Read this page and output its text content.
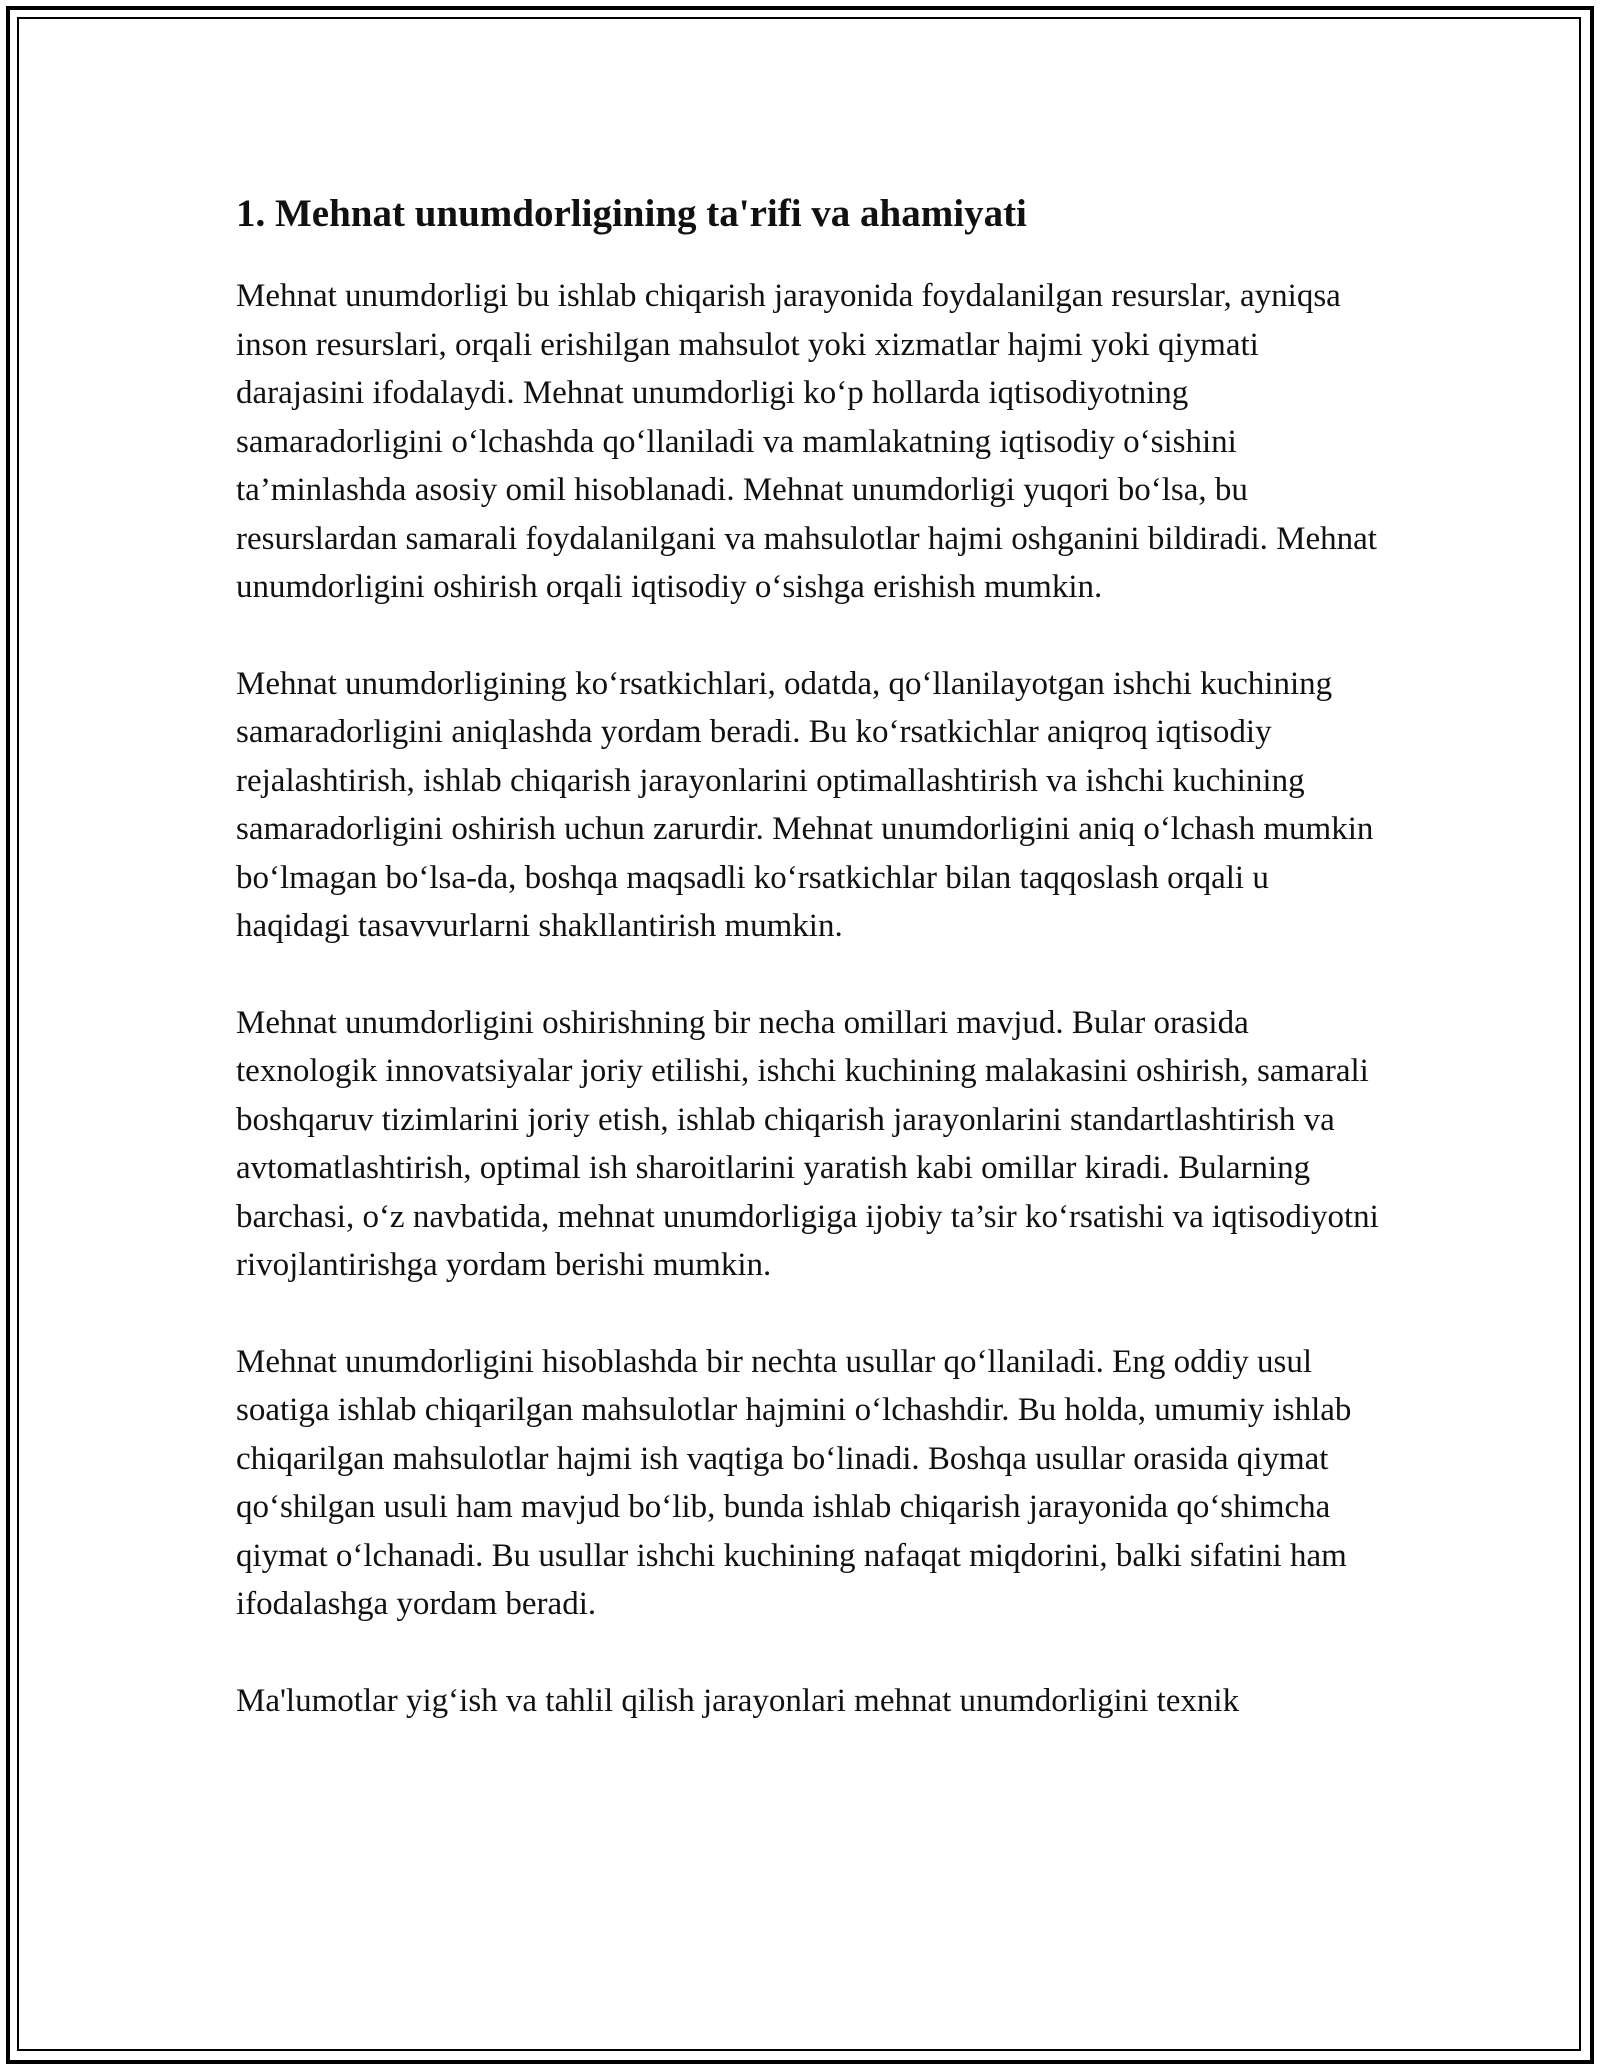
1. Mehnat unumdorligining ta'rifi va ahamiyati

Mehnat unumdorligi bu ishlab chiqarish jarayonida foydalanilgan resurslar, ayniqsa inson resurslari, orqali erishilgan mahsulot yoki xizmatlar hajmi yoki qiymati darajasini ifodalaydi. Mehnat unumdorligi koʻp hollarda iqtisodiyotning samaradorligini oʻlchashda qoʻllaniladi va mamlakatning iqtisodiy oʻsishini ta’minlashda asosiy omil hisoblanadi. Mehnat unumdorligi yuqori boʻlsa, bu resurslardan samarali foydalanilgani va mahsulotlar hajmi oshganini bildiradi. Mehnat unumdorligini oshirish orqali iqtisodiy oʻsishga erishish mumkin.

Mehnat unumdorligining koʻrsatkichlari, odatda, qoʻllanilayotgan ishchi kuchining samaradorligini aniqlashda yordam beradi. Bu koʻrsatkichlar aniqroq iqtisodiy rejalashtirish, ishlab chiqarish jarayonlarini optimallashtirish va ishchi kuchining samaradorligini oshirish uchun zarurdir. Mehnat unumdorligini aniq oʻlchash mumkin boʻlmagan boʻlsa-da, boshqa maqsadli koʻrsatkichlar bilan taqqoslash orqali u haqidagi tasavvurlarni shakllantirish mumkin.

Mehnat unumdorligini oshirishning bir necha omillari mavjud. Bular orasida texnologik innovatsiyalar joriy etilishi, ishchi kuchining malakasini oshirish, samarali boshqaruv tizimlarini joriy etish, ishlab chiqarish jarayonlarini standartlashtirish va avtomatlashtirish, optimal ish sharoitlarini yaratish kabi omillar kiradi. Bularning barchasi, oʻz navbatida, mehnat unumdorligiga ijobiy ta’sir koʻrsatishi va iqtisodiyotni rivojlantirishga yordam berishi mumkin.

Mehnat unumdorligini hisoblashda bir nechta usullar qoʻllaniladi. Eng oddiy usul soatiga ishlab chiqarilgan mahsulotlar hajmini oʻlchashdir. Bu holda, umumiy ishlab chiqarilgan mahsulotlar hajmi ish vaqtiga boʻlinadi. Boshqa usullar orasida qiymat qoʻshilgan usuli ham mavjud boʻlib, bunda ishlab chiqarish jarayonida qoʻshimcha qiymat oʻlchanadi. Bu usullar ishchi kuchining nafaqat miqdorini, balki sifatini ham ifodalashga yordam beradi.

Ma'lumotlar yigʻish va tahlil qilish jarayonlari mehnat unumdorligini texnik
